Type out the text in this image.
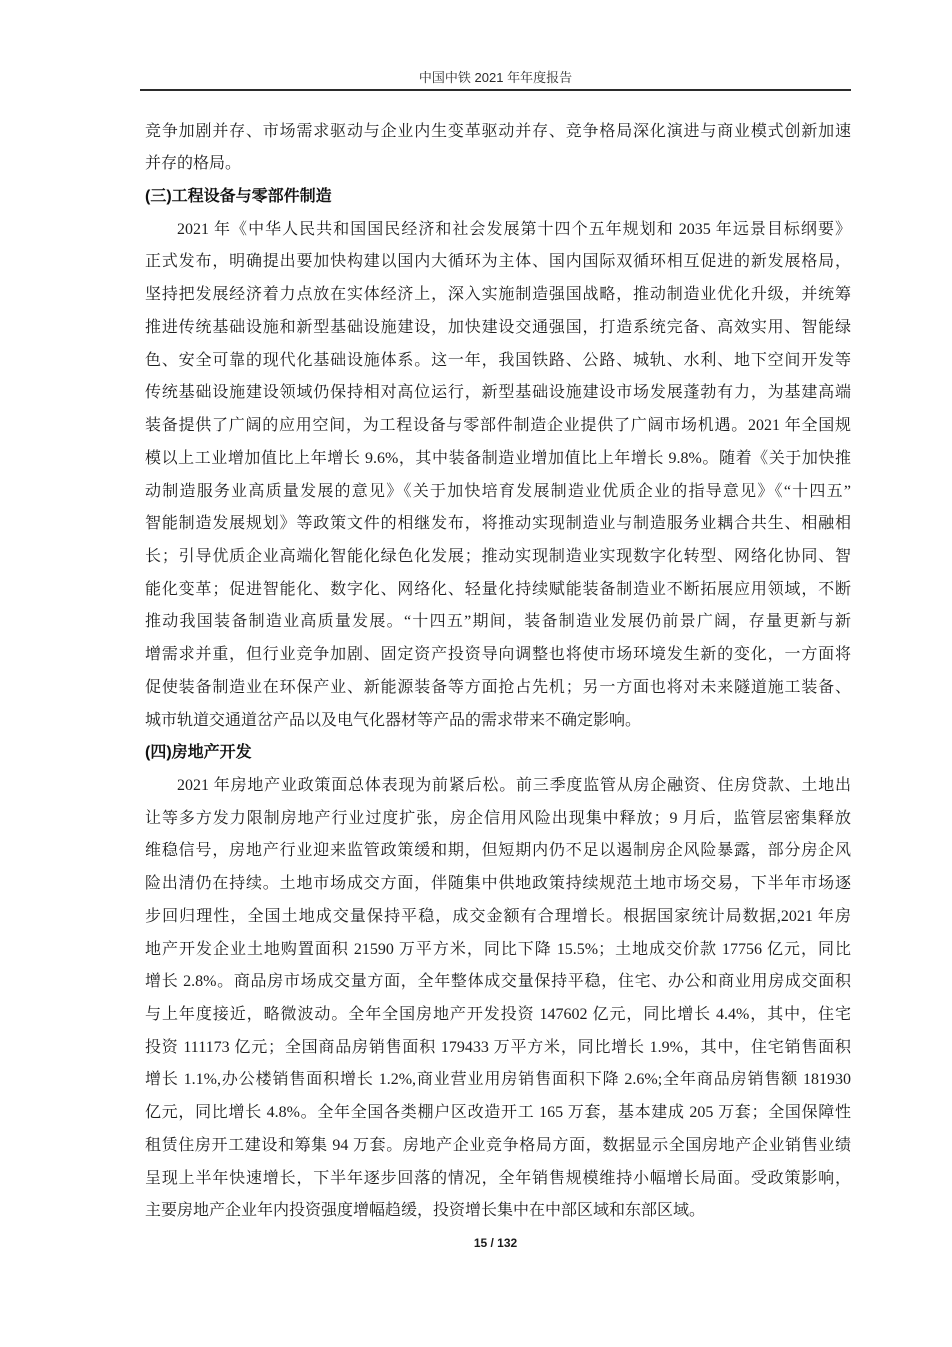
中国中铁 2021 年年度报告
竞争加剧并存、市场需求驱动与企业内生变革驱动并存、竞争格局深化演进与商业模式创新加速
并存的格局。
(三)工程设备与零部件制造
2021 年《中华人民共和国国民经济和社会发展第十四个五年规划和 2035 年远景目标纲要》
正式发布，明确提出要加快构建以国内大循环为主体、国内国际双循环相互促进的新发展格局，
坚持把发展经济着力点放在实体经济上，深入实施制造强国战略，推动制造业优化升级，并统筹
推进传统基础设施和新型基础设施建设，加快建设交通强国，打造系统完备、高效实用、智能绿
色、安全可靠的现代化基础设施体系。这一年，我国铁路、公路、城轨、水利、地下空间开发等
传统基础设施建设领域仍保持相对高位运行，新型基础设施建设市场发展蓬勃有力，为基建高端
装备提供了广阔的应用空间，为工程设备与零部件制造企业提供了广阔市场机遇。2021 年全国规
模以上工业增加值比上年增长 9.6%，其中装备制造业增加值比上年增长 9.8%。随着《关于加快推
动制造服务业高质量发展的意见》《关于加快培育发展制造业优质企业的指导意见》《“十四五”
智能制造发展规划》等政策文件的相继发布，将推动实现制造业与制造服务业耦合共生、相融相
长；引导优质企业高端化智能化绿色化发展；推动实现制造业实现数字化转型、网络化协同、智
能化变革；促进智能化、数字化、网络化、轻量化持续赋能装备制造业不断拓展应用领域，不断
推动我国装备制造业高质量发展。“十四五”期间，装备制造业发展仍前景广阔，存量更新与新
增需求并重，但行业竞争加剧、固定资产投资导向调整也将使市场环境发生新的变化，一方面将
促使装备制造业在环保产业、新能源装备等方面抢占先机；另一方面也将对未来隧道施工装备、
城市轨道交通道岔产品以及电气化器材等产品的需求带来不确定影响。
(四)房地产开发
2021 年房地产业政策面总体表现为前紧后松。前三季度监管从房企融资、住房贷款、土地出
让等多方发力限制房地产行业过度扩张，房企信用风险出现集中释放；9 月后，监管层密集释放
维稳信号，房地产行业迎来监管政策缓和期，但短期内仍不足以遏制房企风险暴露，部分房企风
险出清仍在持续。土地市场成交方面，伴随集中供地政策持续规范土地市场交易，下半年市场逐
步回归理性，全国土地成交量保持平稳，成交金额有合理增长。根据国家统计局数据,2021 年房
地产开发企业土地购置面积 21590 万平方米，同比下降 15.5%；土地成交价款 17756 亿元，同比
增长 2.8%。商品房市场成交量方面，全年整体成交量保持平稳，住宅、办公和商业用房成交面积
与上年度接近，略微波动。全年全国房地产开发投资 147602 亿元，同比增长 4.4%，其中，住宅
投资 111173 亿元；全国商品房销售面积 179433 万平方米，同比增长 1.9%，其中，住宅销售面积
增长 1.1%,办公楼销售面积增长 1.2%,商业营业用房销售面积下降 2.6%;全年商品房销售额 181930
亿元，同比增长 4.8%。全年全国各类棚户区改造开工 165 万套，基本建成 205 万套；全国保障性
租赁住房开工建设和筹集 94 万套。房地产企业竞争格局方面，数据显示全国房地产企业销售业绩
呈现上半年快速增长，下半年逐步回落的情况，全年销售规模维持小幅增长局面。受政策影响，
主要房地产企业年内投资强度增幅趋缓，投资增长集中在中部区域和东部区域。
15 / 132
